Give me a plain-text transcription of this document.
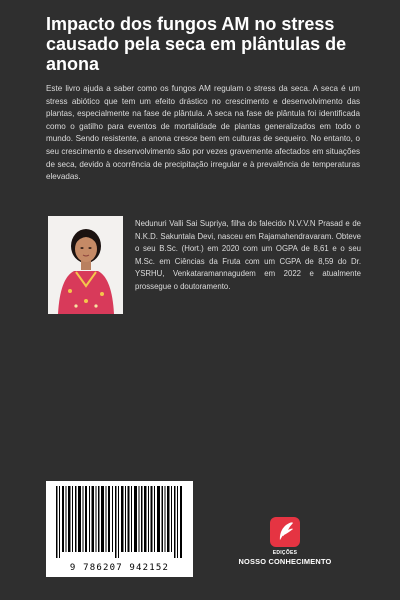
Impacto dos fungos AM no stress causado pela seca em plântulas de anona

Este livro ajuda a saber como os fungos AM regulam o stress da seca. A seca é um stress abiótico que tem um efeito drástico no crescimento e desenvolvimento das plantas, especialmente na fase de plântula. A seca na fase de plântula foi identificada como o gatilho para eventos de mortalidade de plantas generalizados em todo o mundo. Sendo resistente, a anona cresce bem em culturas de sequeiro. No entanto, o seu crescimento e desenvolvimento são por vezes gravemente afectados em situações de seca, devido à ocorrência de precipitação irregular e à prevalência de temperaturas elevadas.

Nedunuri Valli Sai Supriya, filha do falecido N.V.V.N Prasad e de N.K.D. Sakuntala Devi, nasceu em Rajamahendravaram. Obteve o seu B.Sc. (Hort.) em 2020 com um OGPA de 8,61 e o seu M.Sc. em Ciências da Fruta com um CGPA de 8,59 do Dr. YSRHU, Venkataramannagudem em 2022 e atualmente prossegue o doutoramento.

9 786207 942152
EDIÇÕES
NOSSO CONHECIMENTO
